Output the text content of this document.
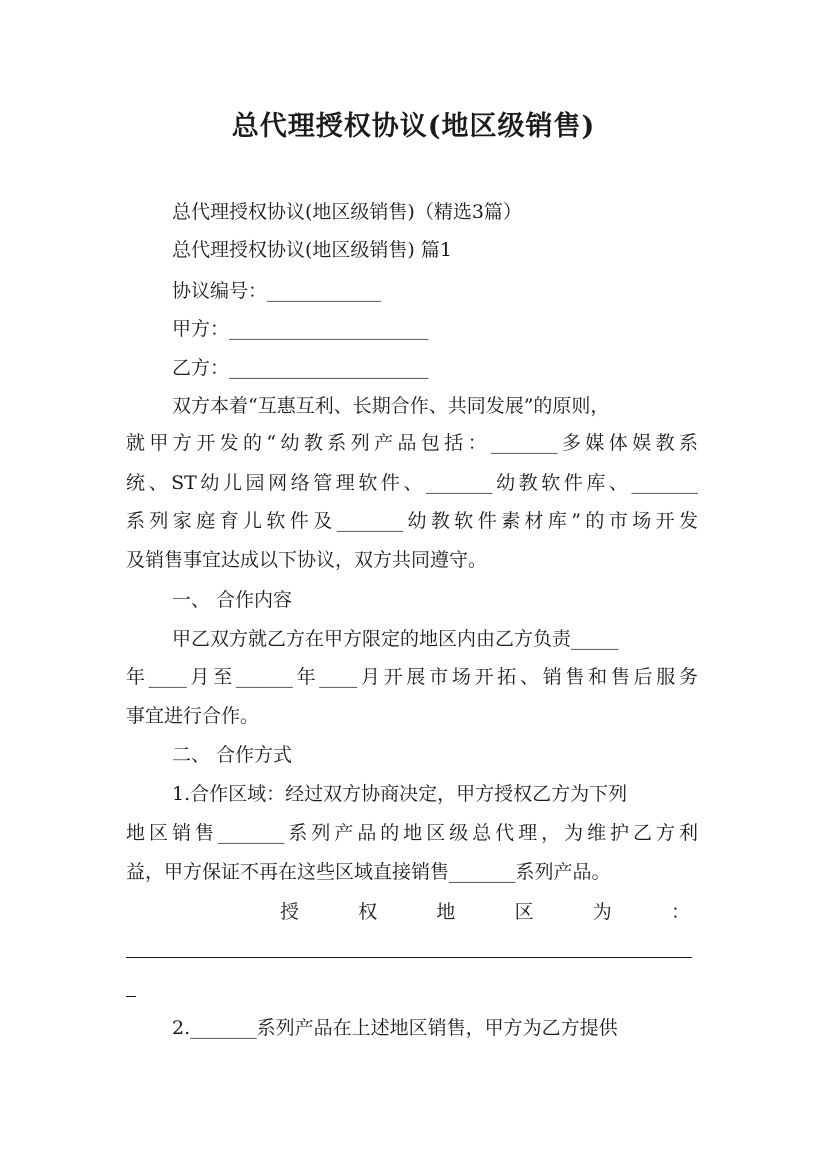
总代理授权协议(地区级销售)
总代理授权协议(地区级销售)（精选3篇）
总代理授权协议(地区级销售) 篇1
协议编号：____________
甲方：_____________________
乙方：_____________________
双方本着“互惠互利、长期合作、共同发展”的原则，
就甲方开发的“幼教系列产品包括：_______多媒体娱教系
统、ST幼儿园网络管理软件、_______幼教软件库、_______
系列家庭育儿软件及_______幼教软件素材库”的市场开发
及销售事宜达成以下协议，双方共同遵守。
一、 合作内容
甲乙双方就乙方在甲方限定的地区内由乙方负责_____
年____月至______年____月开展市场开拓、销售和售后服务
事宜进行合作。
二、 合作方式
1.合作区域：经过双方协商决定，甲方授权乙方为下列
地区销售_______系列产品的地区级总代理，为维护乙方利
益，甲方保证不再在这些区域直接销售_______系列产品。
授权地区为：
2._______系列产品在上述地区销售，甲方为乙方提供
